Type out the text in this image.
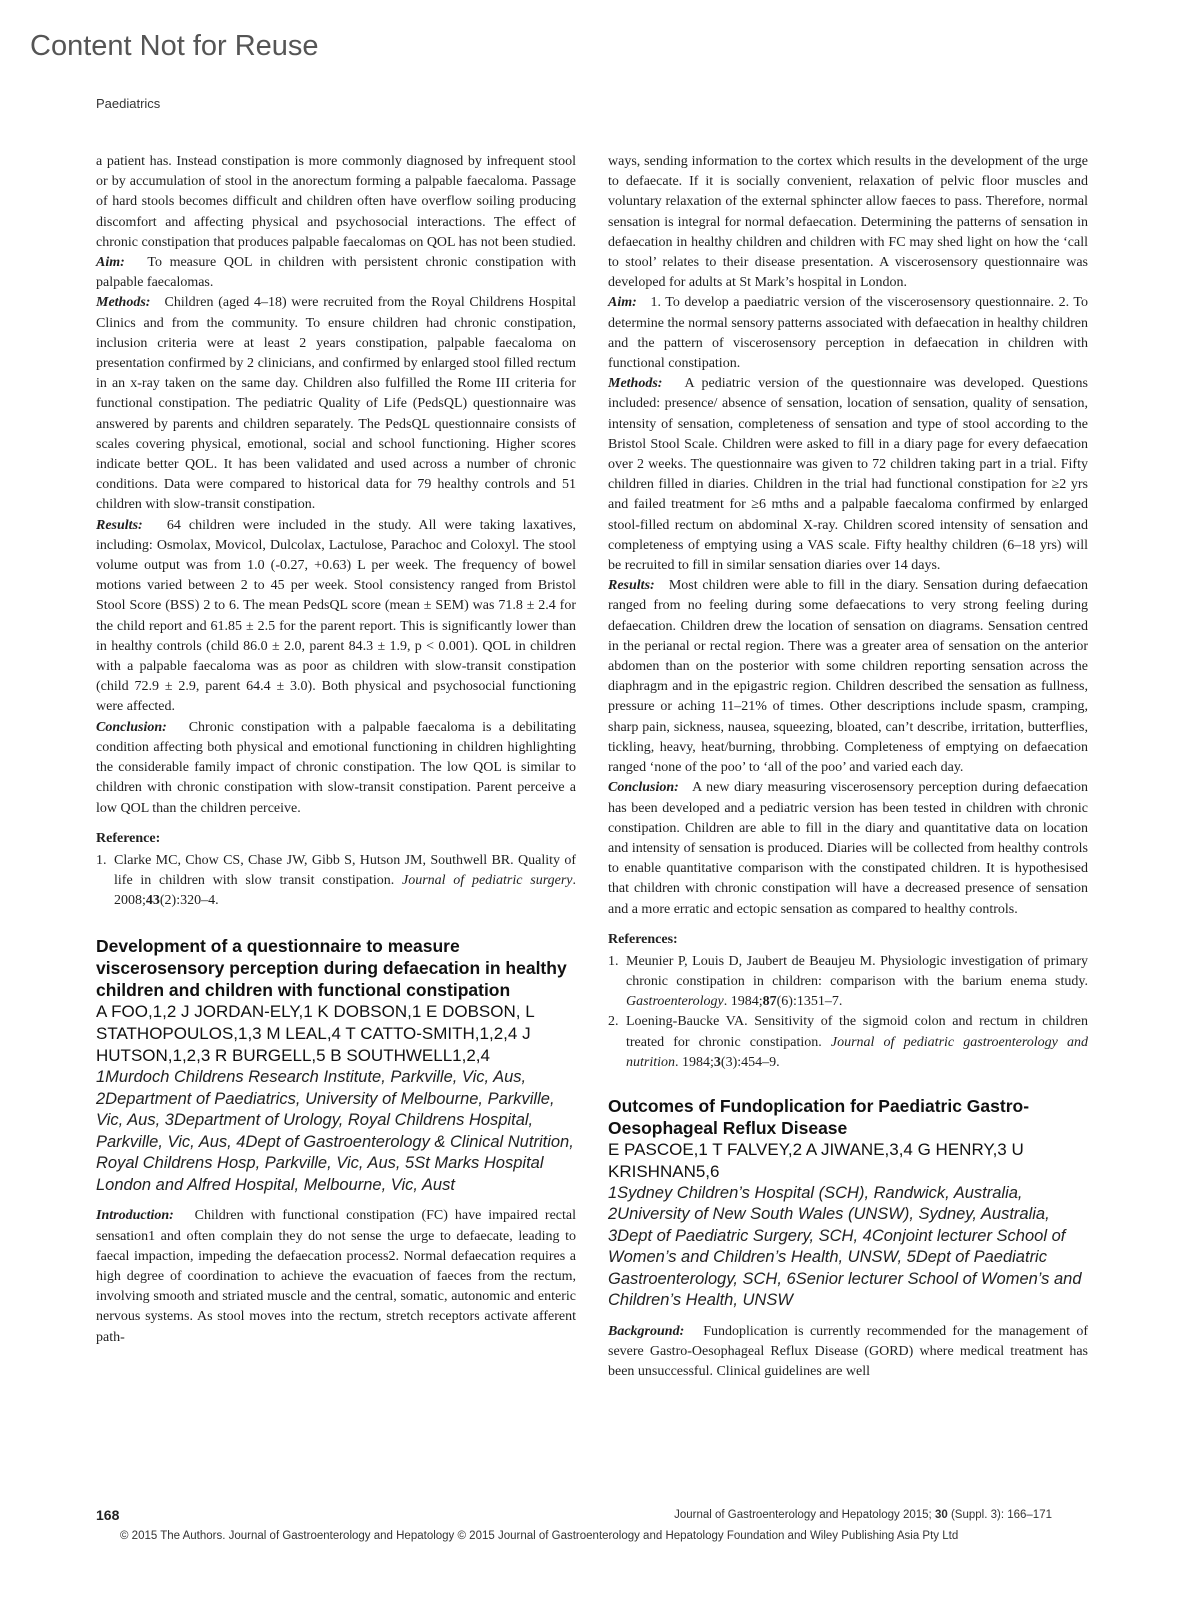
Content Not for Reuse
Paediatrics

a patient has. Instead constipation is more commonly diagnosed by infrequent stool or by accumulation of stool in the anorectum forming a palpable faecaloma. Passage of hard stools becomes difficult and children often have overflow soiling producing discomfort and affecting physical and psychosocial interactions. The effect of chronic constipation that produces palpable faecalomas on QOL has not been studied.

Aim: To measure QOL in children with persistent chronic constipation with palpable faecalomas.

Methods: Children (aged 4–18) were recruited from the Royal Childrens Hospital Clinics and from the community. To ensure children had chronic constipation, inclusion criteria were at least 2 years constipation, palpable faecaloma on presentation confirmed by 2 clinicians, and confirmed by enlarged stool filled rectum in an x-ray taken on the same day. Children also fulfilled the Rome III criteria for functional constipation. The pediatric Quality of Life (PedsQL) questionnaire was answered by parents and children separately. The PedsQL questionnaire consists of scales covering physical, emotional, social and school functioning. Higher scores indicate better QOL. It has been validated and used across a number of chronic conditions. Data were compared to historical data for 79 healthy controls and 51 children with slow-transit constipation.

Results: 64 children were included in the study. All were taking laxatives, including: Osmolax, Movicol, Dulcolax, Lactulose, Parachoc and Coloxyl. The stool volume output was from 1.0 (-0.27, +0.63) L per week. The frequency of bowel motions varied between 2 to 45 per week. Stool consistency ranged from Bristol Stool Score (BSS) 2 to 6. The mean PedsQL score (mean ± SEM) was 71.8 ± 2.4 for the child report and 61.85 ± 2.5 for the parent report. This is significantly lower than in healthy controls (child 86.0 ± 2.0, parent 84.3 ± 1.9, p < 0.001). QOL in children with a palpable faecaloma was as poor as children with slow-transit constipation (child 72.9 ± 2.9, parent 64.4 ± 3.0). Both physical and psychosocial functioning were affected.

Conclusion: Chronic constipation with a palpable faecaloma is a debilitating condition affecting both physical and emotional functioning in children highlighting the considerable family impact of chronic constipation. The low QOL is similar to children with chronic constipation with slow-transit constipation. Parent perceive a low QOL than the children perceive.

Reference:
1. Clarke MC, Chow CS, Chase JW, Gibb S, Hutson JM, Southwell BR. Quality of life in children with slow transit constipation. Journal of pediatric surgery. 2008;43(2):320–4.
Development of a questionnaire to measure viscerosensory perception during defaecation in healthy children and children with functional constipation

A FOO,1,2 J JORDAN-ELY,1 K DOBSON,1 E DOBSON, L STATHOPOULOS,1,3 M LEAL,4 T CATTO-SMITH,1,2,4 J HUTSON,1,2,3 R BURGELL,5 B SOUTHWELL1,2,4

1Murdoch Childrens Research Institute, Parkville, Vic, Aus, 2Department of Paediatrics, University of Melbourne, Parkville, Vic, Aus, 3Department of Urology, Royal Childrens Hospital, Parkville, Vic, Aus, 4Dept of Gastroenterology & Clinical Nutrition, Royal Childrens Hosp, Parkville, Vic, Aus, 5St Marks Hospital London and Alfred Hospital, Melbourne, Vic, Aust

Introduction: Children with functional constipation (FC) have impaired rectal sensation1 and often complain they do not sense the urge to defaecate, leading to faecal impaction, impeding the defaecation process2. Normal defaecation requires a high degree of coordination to achieve the evacuation of faeces from the rectum, involving smooth and striated muscle and the central, somatic, autonomic and enteric nervous systems. As stool moves into the rectum, stretch receptors activate afferent path-

ways, sending information to the cortex which results in the development of the urge to defaecate. If it is socially convenient, relaxation of pelvic floor muscles and voluntary relaxation of the external sphincter allow faeces to pass. Therefore, normal sensation is integral for normal defaecation. Determining the patterns of sensation in defaecation in healthy children and children with FC may shed light on how the ‘call to stool’ relates to their disease presentation. A viscerosensory questionnaire was developed for adults at St Mark’s hospital in London.

Aim: 1. To develop a paediatric version of the viscerosensory questionnaire. 2. To determine the normal sensory patterns associated with defaecation in healthy children and the pattern of viscerosensory perception in defaecation in children with functional constipation.

Methods: A pediatric version of the questionnaire was developed. Questions included: presence/ absence of sensation, location of sensation, quality of sensation, intensity of sensation, completeness of sensation and type of stool according to the Bristol Stool Scale. Children were asked to fill in a diary page for every defaecation over 2 weeks. The questionnaire was given to 72 children taking part in a trial. Fifty children filled in diaries. Children in the trial had functional constipation for ≥2 yrs and failed treatment for ≥6 mths and a palpable faecaloma confirmed by enlarged stool-filled rectum on abdominal X-ray. Children scored intensity of sensation and completeness of emptying using a VAS scale. Fifty healthy children (6–18 yrs) will be recruited to fill in similar sensation diaries over 14 days.

Results: Most children were able to fill in the diary. Sensation during defaecation ranged from no feeling during some defaecations to very strong feeling during defaecation. Children drew the location of sensation on diagrams. Sensation centred in the perianal or rectal region. There was a greater area of sensation on the anterior abdomen than on the posterior with some children reporting sensation across the diaphragm and in the epigastric region. Children described the sensation as fullness, pressure or aching 11–21% of times. Other descriptions include spasm, cramping, sharp pain, sickness, nausea, squeezing, bloated, can’t describe, irritation, butterflies, tickling, heavy, heat/burning, throbbing. Completeness of emptying on defaecation ranged ‘none of the poo’ to ‘all of the poo’ and varied each day.

Conclusion: A new diary measuring viscerosensory perception during defaecation has been developed and a pediatric version has been tested in children with chronic constipation. Children are able to fill in the diary and quantitative data on location and intensity of sensation is produced. Diaries will be collected from healthy controls to enable quantitative comparison with the constipated children. It is hypothesised that children with chronic constipation will have a decreased presence of sensation and a more erratic and ectopic sensation as compared to healthy controls.

References:
1. Meunier P, Louis D, Jaubert de Beaujeu M. Physiologic investigation of primary chronic constipation in children: comparison with the barium enema study. Gastroenterology. 1984;87(6):1351–7.
2. Loening-Baucke VA. Sensitivity of the sigmoid colon and rectum in children treated for chronic constipation. Journal of pediatric gastroenterology and nutrition. 1984;3(3):454–9.
Outcomes of Fundoplication for Paediatric Gastro-Oesophageal Reflux Disease

E PASCOE,1 T FALVEY,2 A JIWANE,3,4 G HENRY,3 U KRISHNAN5,6

1Sydney Children’s Hospital (SCH), Randwick, Australia, 2University of New South Wales (UNSW), Sydney, Australia, 3Dept of Paediatric Surgery, SCH, 4Conjoint lecturer School of Women’s and Children’s Health, UNSW, 5Dept of Paediatric Gastroenterology, SCH, 6Senior lecturer School of Women’s and Children’s Health, UNSW

Background: Fundoplication is currently recommended for the management of severe Gastro-Oesophageal Reflux Disease (GORD) where medical treatment has been unsuccessful. Clinical guidelines are well

168	Journal of Gastroenterology and Hepatology 2015; 30 (Suppl. 3): 166–171
© 2015 The Authors. Journal of Gastroenterology and Hepatology © 2015 Journal of Gastroenterology and Hepatology Foundation and Wiley Publishing Asia Pty Ltd
